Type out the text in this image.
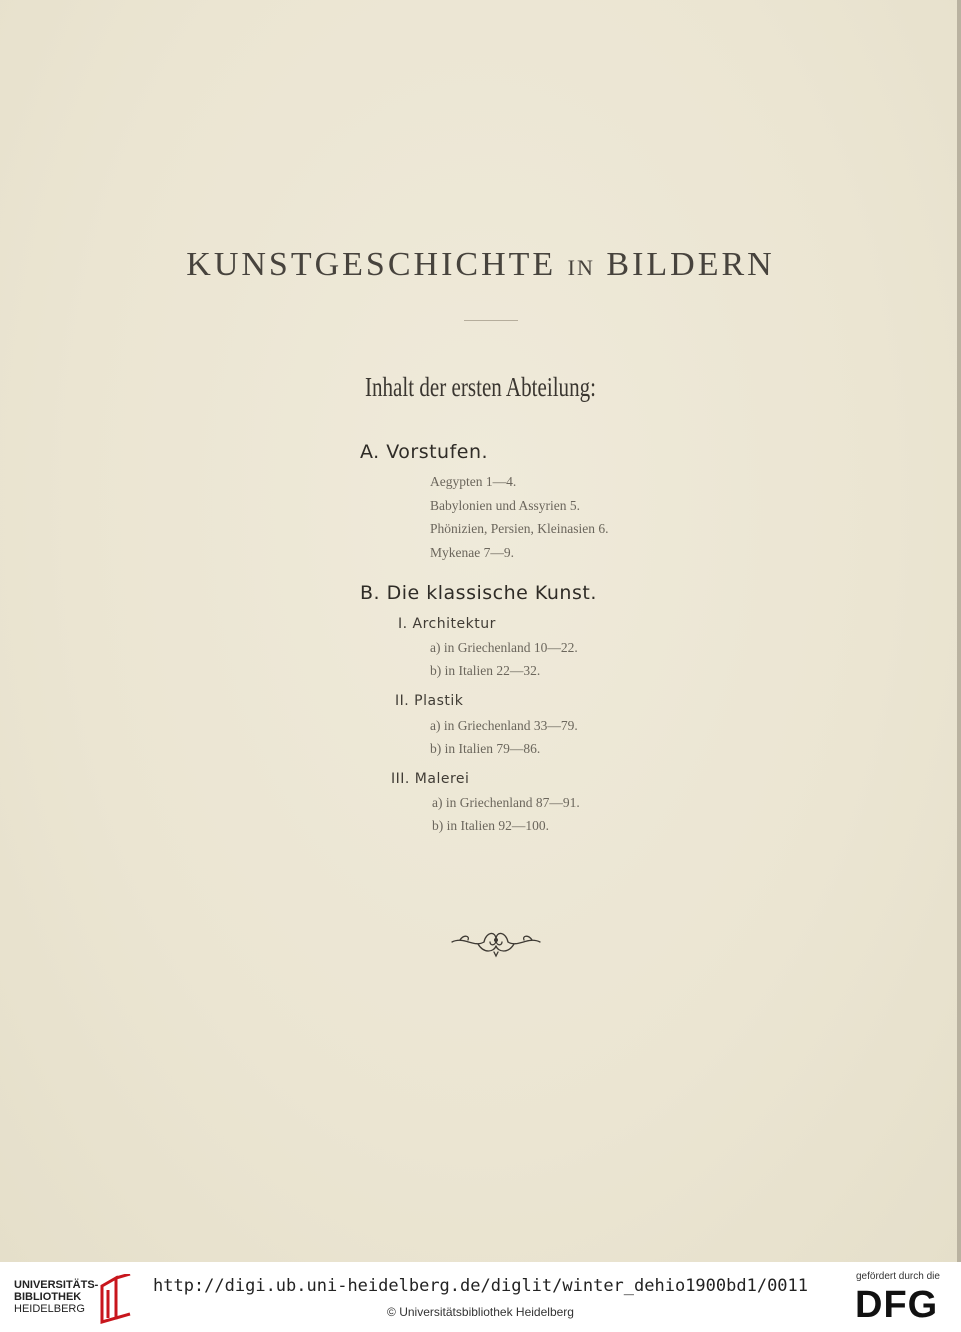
KUNSTGESCHICHTE IN BILDERN
Inhalt der ersten Abteilung:
A. Vorstufen.
Aegypten 1—4.
Babylonien und Assyrien 5.
Phönizien, Persien, Kleinasien 6.
Mykenae 7—9.
B. Die klassische Kunst.
I. Architektur
a) in Griechenland 10—22.
b) in Italien 22—32.
II. Plastik
a) in Griechenland 33—79.
b) in Italien 79—86.
III. Malerei
a) in Griechenland 87—91.
b) in Italien 92—100.
UNIVERSITÄTS-
BIBLIOTHEK
HEIDELBERG
http://digi.ub.uni-heidelberg.de/diglit/winter_dehio1900bd1/0011
© Universitätsbibliothek Heidelberg
gefördert durch die
DFG
